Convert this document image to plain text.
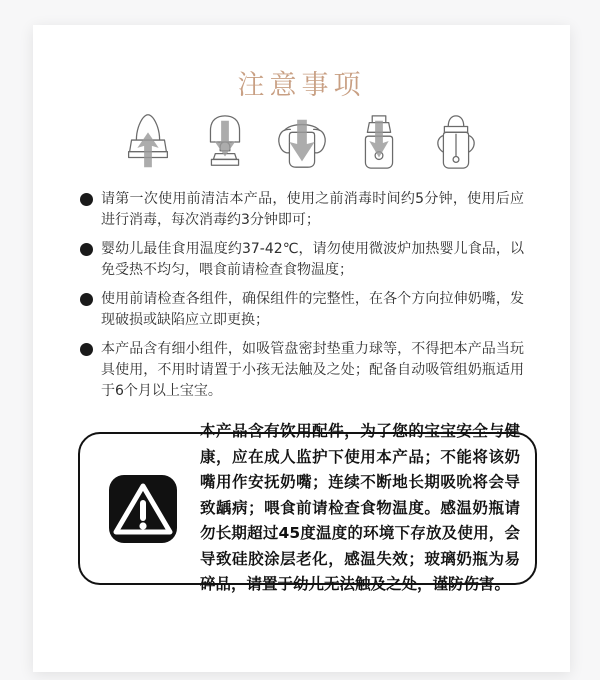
注意事项
请第一次使用前清洁本产品，使用之前消毒时间约5分钟，使用后应进行消毒，每次消毒约3分钟即可；
婴幼儿最佳食用温度约37-42℃，请勿使用微波炉加热婴儿食品，以免受热不均匀，喂食前请检查食物温度；
使用前请检查各组件，确保组件的完整性，在各个方向拉伸奶嘴，发现破损或缺陷应立即更换；
本产品含有细小组件，如吸管盘密封垫重力球等，不得把本产品当玩具使用，不用时请置于小孩无法触及之处；配备自动吸管组奶瓶适用于6个月以上宝宝。
本产品含有饮用配件，为了您的宝宝安全与健康，应在成人监护下使用本产品；不能将该奶嘴用作安抚奶嘴；连续不断地长期吸吮将会导致龋病；喂食前请检查食物温度。感温奶瓶请勿长期超过45度温度的环境下存放及使用，会导致硅胶涂层老化，感温失效；玻璃奶瓶为易碎品，请置于幼儿无法触及之处，谨防伤害。
